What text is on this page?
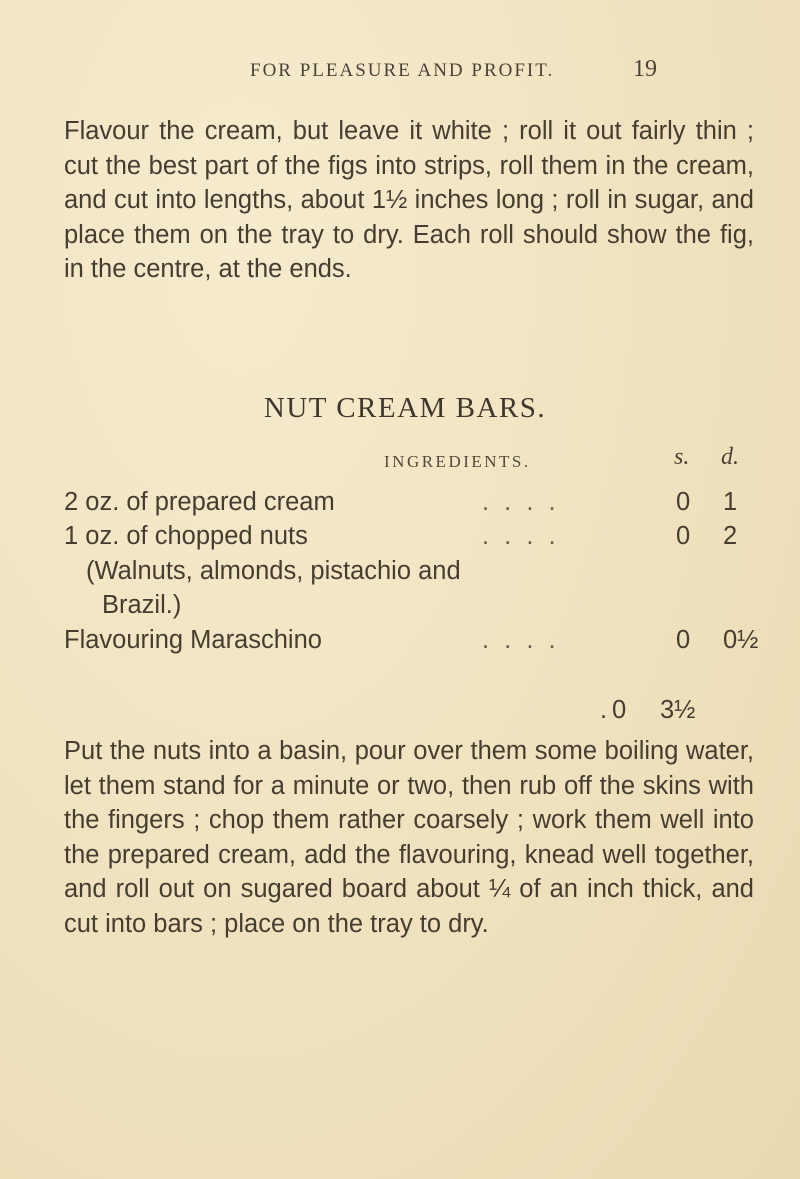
FOR PLEASURE AND PROFIT.	19

Flavour the cream, but leave it white ; roll it out fairly thin ; cut the best part of the figs into strips, roll them in the cream, and cut into lengths, about 1½ inches long ; roll in sugar, and place them on the tray to dry. Each roll should show the fig, in the centre, at the ends.

NUT CREAM BARS.
INGREDIENTS.	s. d.
2 oz. of prepared cream	. . . .	0 1
1 oz. of chopped nuts	. . . .	0 2
(Walnuts, almonds, pistachio and
Brazil.)
Flavouring Maraschino	. . . .	0 0½
. 0 3½

Put the nuts into a basin, pour over them some boiling water, let them stand for a minute or two, then rub off the skins with the fingers ; chop them rather coarsely ; work them well into the prepared cream, add the flavouring, knead well together, and roll out on sugared board about ¼ of an inch thick, and cut into bars ; place on the tray to dry.
